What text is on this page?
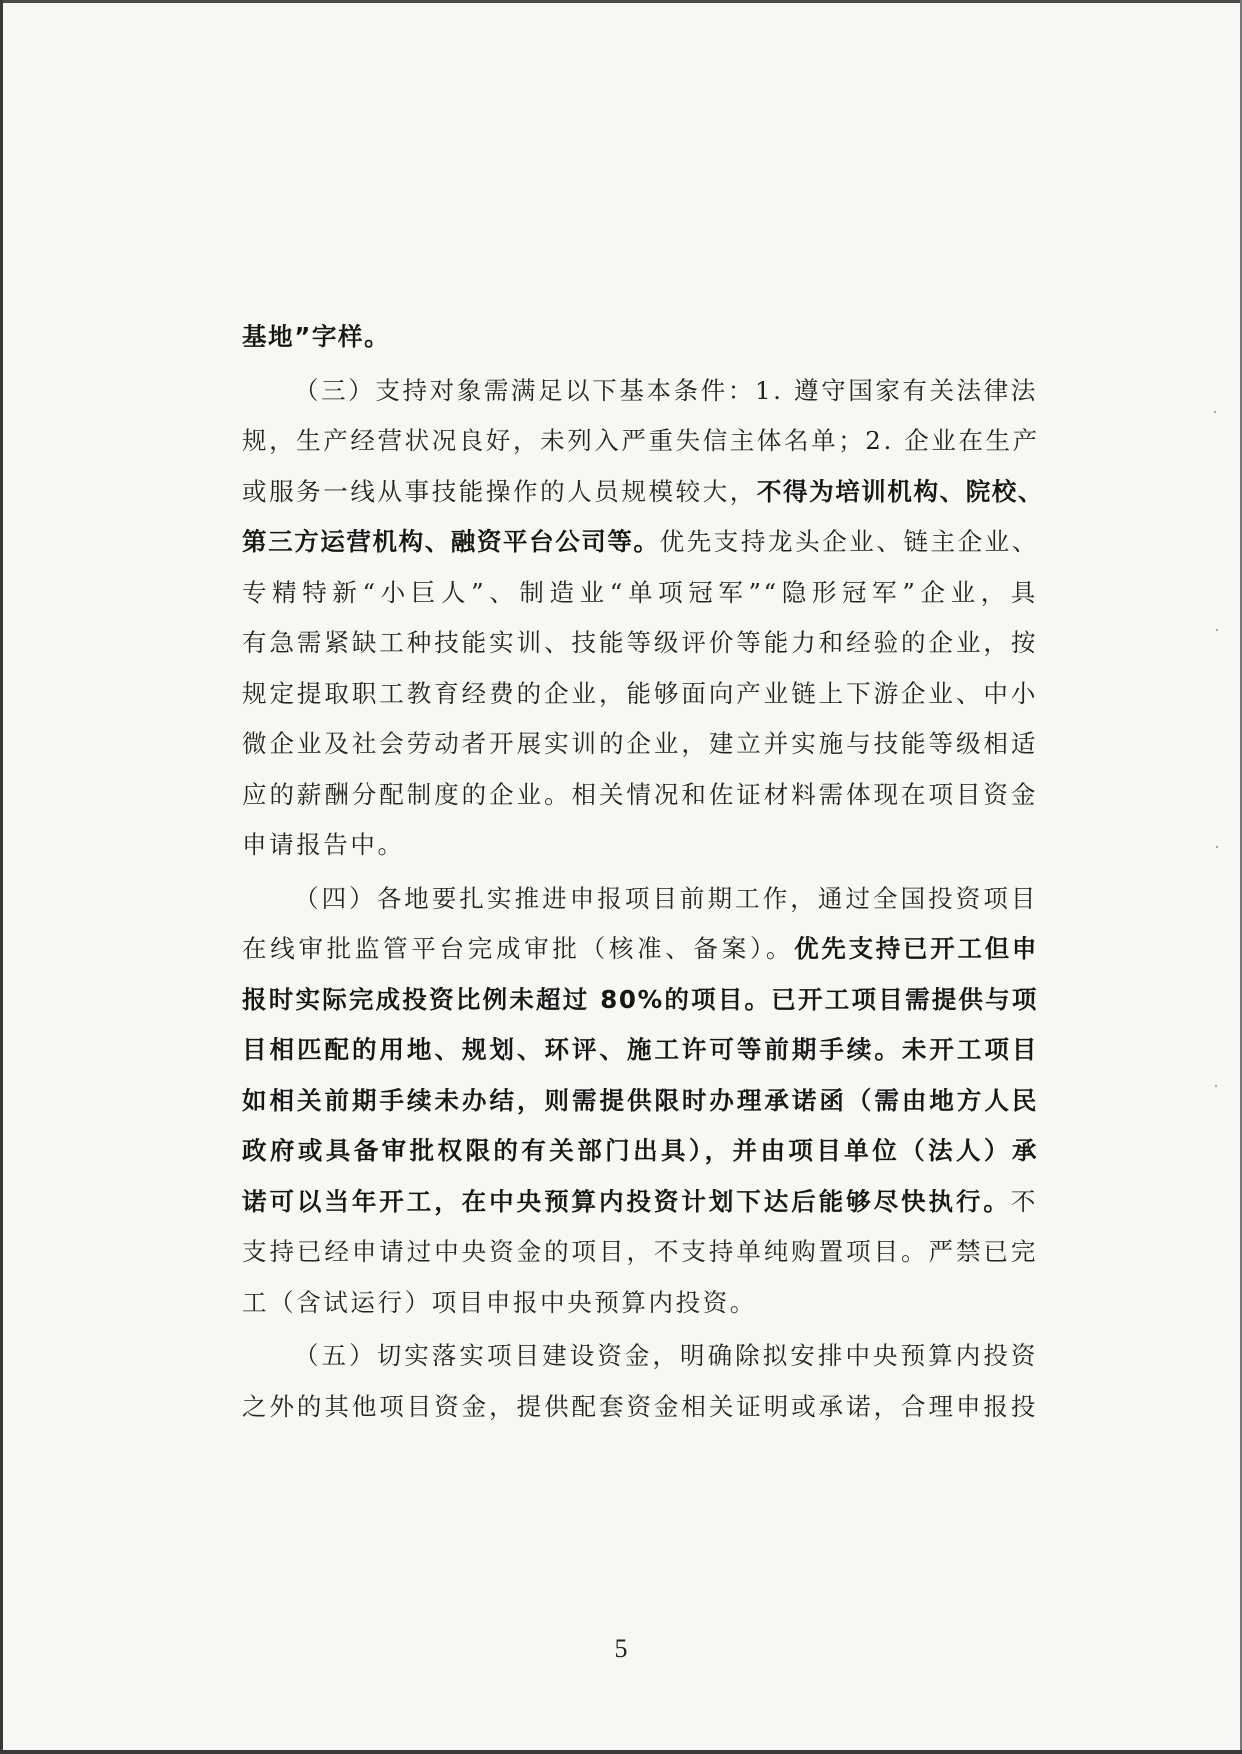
基地”字样。
（三）支持对象需满足以下基本条件：1. 遵守国家有关法律法
规，生产经营状况良好，未列入严重失信主体名单；2. 企业在生产
或服务一线从事技能操作的人员规模较大，不得为培训机构、院校、
第三方运营机构、融资平台公司等。优先支持龙头企业、链主企业、
专精特新“小巨人”、制造业“单项冠军”“隐形冠军”企业，具
有急需紧缺工种技能实训、技能等级评价等能力和经验的企业，按
规定提取职工教育经费的企业，能够面向产业链上下游企业、中小
微企业及社会劳动者开展实训的企业，建立并实施与技能等级相适
应的薪酬分配制度的企业。相关情况和佐证材料需体现在项目资金
申请报告中。
（四）各地要扎实推进申报项目前期工作，通过全国投资项目
在线审批监管平台完成审批（核准、备案）。优先支持已开工但申
报时实际完成投资比例未超过 80%的项目。已开工项目需提供与项
目相匹配的用地、规划、环评、施工许可等前期手续。未开工项目
如相关前期手续未办结，则需提供限时办理承诺函（需由地方人民
政府或具备审批权限的有关部门出具），并由项目单位（法人）承
诺可以当年开工，在中央预算内投资计划下达后能够尽快执行。不
支持已经申请过中央资金的项目，不支持单纯购置项目。严禁已完
工（含试运行）项目申报中央预算内投资。
（五）切实落实项目建设资金，明确除拟安排中央预算内投资
之外的其他项目资金，提供配套资金相关证明或承诺，合理申报投
5
